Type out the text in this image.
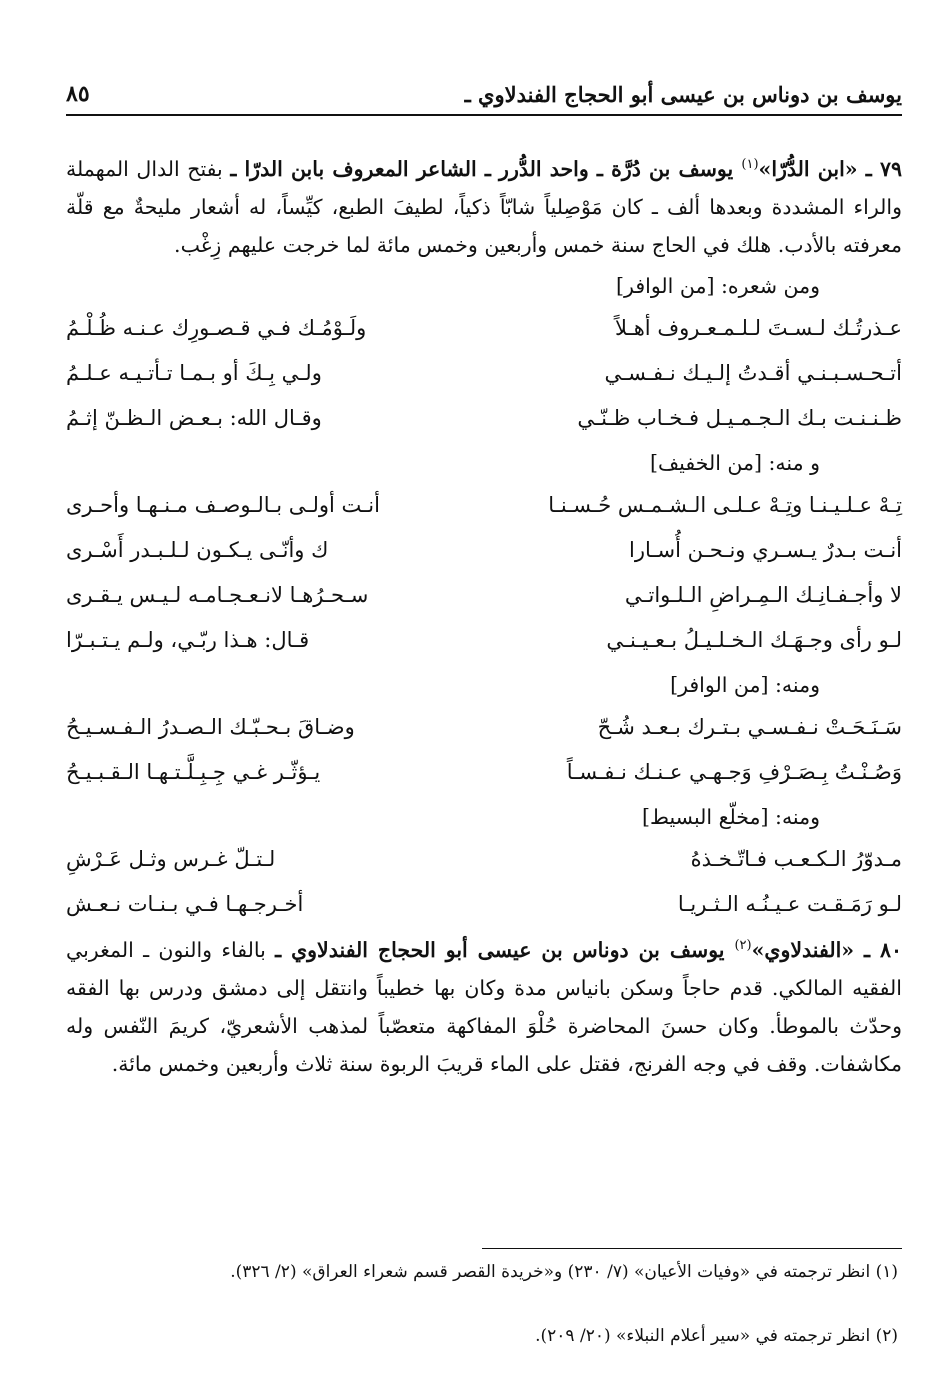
٨٥	يوسف بن دوناس بن عيسى أبو الحجاج الفندلاوي ـ

٧٩ ـ «ابن الدُّرّا»$^{(١)}$ يوسف بن دُرَّة ـ واحد الدُّرر ـ الشاعر المعروف بابن الدرّا ـ بفتح الدال المهملة والراء المشددة وبعدها ألف ـ كان مَوْصِلياً شابّاً ذكياً، لطيفَ الطبع، كيِّساً، له أشعار مليحةٌ مع قلّة معرفته بالأدب. هلك في الحاج سنة خمس وأربعين وخمس مائة لما خرجت عليهم زِغْب.

ومن شعره: [من الوافر]

عـذرتُـك لـسـتَ لـلـمـعـروف أهـلاً
ولَـوْمُـك فـي قـصـورِك عـنـه ظُـلْـمُ
أتـحـسـبـنـي أقـدتُ إلـيـك نـفـسـي
ولـي بِـكَ أو بـمـا تـأتـيـه عـلـمُ
ظـنـنـت بـك الـجـمـيـل فـخـاب ظـنّـي
وقـال الله: بـعـض الـظـنّ إثـمُ

و منه: [من الخفيف]

تِـهْ عـلـيـنـا وتِـهْ عـلـى الـشـمـس حُـسـنـا
أنـت أولـى بـالـوصـف مـنـهـا وأحـرى
أنـت بـدرٌ يـسـري ونـحـن أُسـارا
ك وأنّـى يـكـون لـلـبـدر أَسْـرى
لا وأجـفـانِـك الـمِـراضِ الـلـواتـي
سـحـرُهـا لانـعـجـامـه لـيـس يـقـرى
لـو رأى وجـهَـك الـخـلـيـلُ بـعـيـنـي
قـال: هـذا ربّـي، ولـم يـتـبـرّا

ومنه: [من الوافر]

سَـنَـحَـتْ نـفـسـي بـتـرك بـعـد شُـحّ
وضـاقَ بـحـبّـك الـصـدرُ الـفـسـيـحُ
وَصُـنْـتُ بِـصَـرْفِ وَجـهـي عـنـك نـفـسـاً
يـؤثّـر غـي جِـبِـلَّـتـهـا الـقـبـيـحُ

ومنه: [مخلّع البسيط]

مـدوّرُ الـكـعـب فـاتّـخـذهُ
لـتـلّ غـرس وثـل عَـرْشِ
لـو رَمَـقـت عـيـنُـه الـثـريـا
أخـرجـهـا فـي بـنـات نـعـش

٨٠ ـ «الفندلاوي»$^{(٢)}$ يوسف بن دوناس بن عيسى أبو الحجاج الفندلاوي ـ بالفاء والنون ـ المغربي الفقيه المالكي. قدم حاجاً وسكن بانياس مدة وكان بها خطيباً وانتقل إلى دمشق ودرس بها الفقه وحدّث بالموطأ. وكان حسنَ المحاضرة حُلْوَ المفاكهة متعصّباً لمذهب الأشعريّ، كريمَ النّفس وله مكاشفات. وقف في وجه الفرنج، فقتل على الماء قريبَ الربوة سنة ثلاث وأربعين وخمس مائة.

(١) انظر ترجمته في «وفيات الأعيان» (٧/ ٢٣٠) و«خريدة القصر قسم شعراء العراق» (٢/ ٣٢٦).

(٢) انظر ترجمته في «سير أعلام النبلاء» (٢٠/ ٢٠٩).
